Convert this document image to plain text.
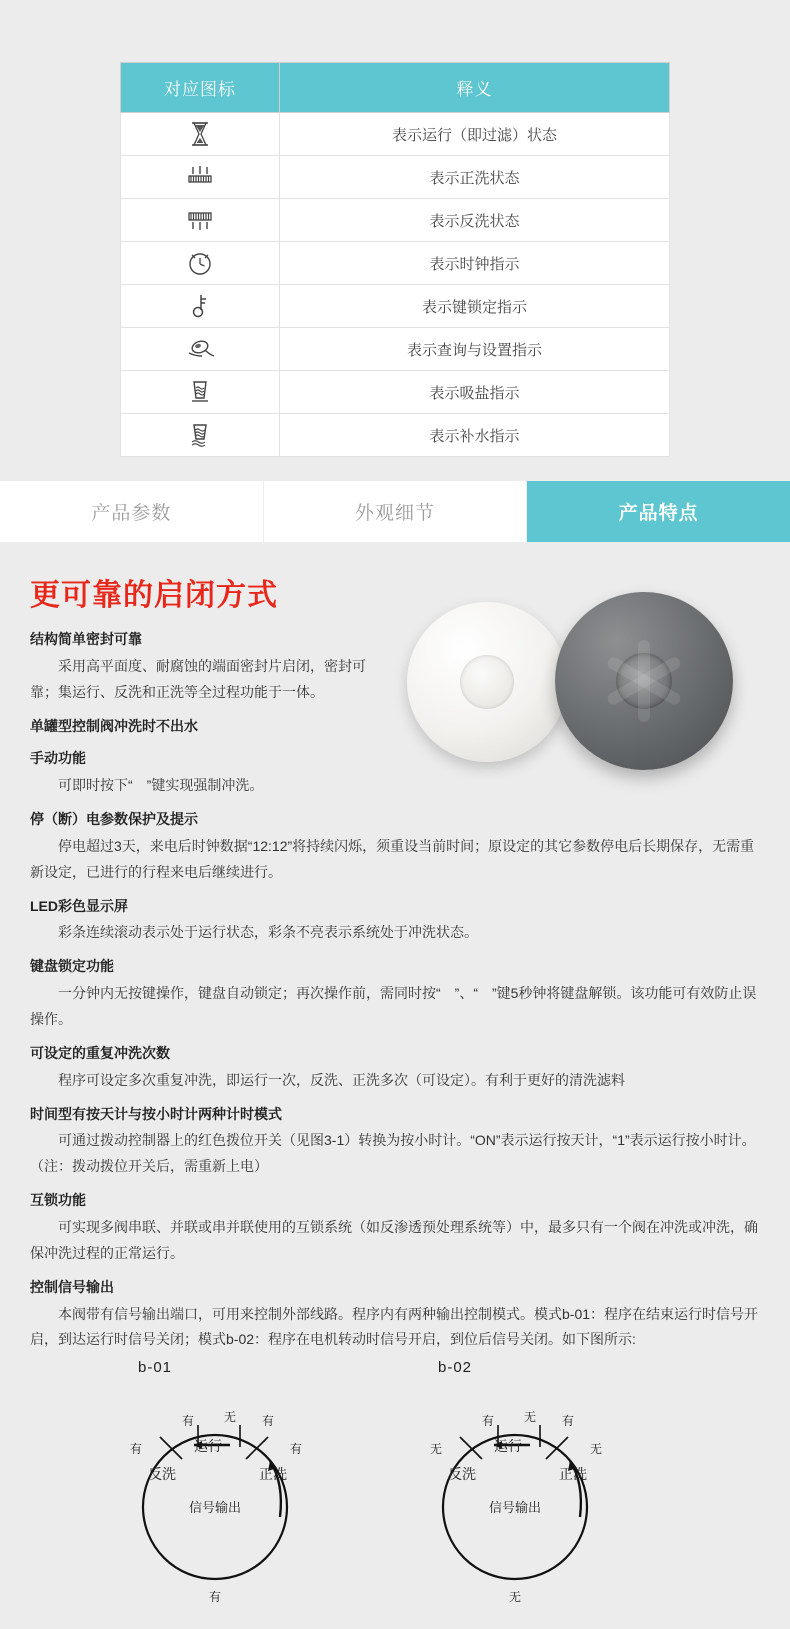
对应图标	释义

	表示运行（即过滤）状态

	表示正洗状态

	表示反洗状态

	表示时钟指示

	表示键锁定指示

	表示查询与设置指示

	表示吸盐指示

	表示补水指示
产品参数	外观细节	产品特点
更可靠的启闭方式
结构简单密封可靠

采用高平面度、耐腐蚀的端面密封片启闭，密封可靠；集运行、反洗和正洗等全过程功能于一体。

单罐型控制阀冲洗时不出水
手动功能

可即时按下“　”键实现强制冲洗。

停（断）电参数保护及提示

停电超过3天，来电后时钟数据“12:12”将持续闪烁，须重设当前时间；原设定的其它参数停电后长期保存，无需重新设定，已进行的行程来电后继续进行。

LED彩色显示屏

彩条连续滚动表示处于运行状态，彩条不亮表示系统处于冲洗状态。

键盘锁定功能

一分钟内无按键操作，键盘自动锁定；再次操作前，需同时按“　”、“　”键5秒钟将键盘解锁。该功能可有效防止误操作。

可设定的重复冲洗次数

程序可设定多次重复冲洗，即运行一次，反洗、正洗多次（可设定）。有利于更好的清洗滤料

时间型有按天计与按小时计两种计时模式

可通过拨动控制器上的红色拨位开关（见图3-1）转换为按小时计。“ON”表示运行按天计，“1”表示运行按小时计。（注：拨动拨位开关后，需重新上电）

互锁功能

可实现多阀串联、并联或串并联使用的互锁系统（如反渗透预处理系统等）中，最多只有一个阀在冲洗或冲洗，确保冲洗过程的正常运行。

控制信号输出

本阀带有信号输出端口，可用来控制外部线路。程序内有两种输出控制模式。模式b-01：程序在结束运行时信号开启，到达运行时信号关闭；模式b-02：程序在电机转动时信号开启，到位后信号关闭。如下图所示:

b-01
运行
反洗	正洗
信号输出
有 无 有
有	有
有
b-02
运行
反洗	正洗
信号输出
有 无 有
无	无
无
